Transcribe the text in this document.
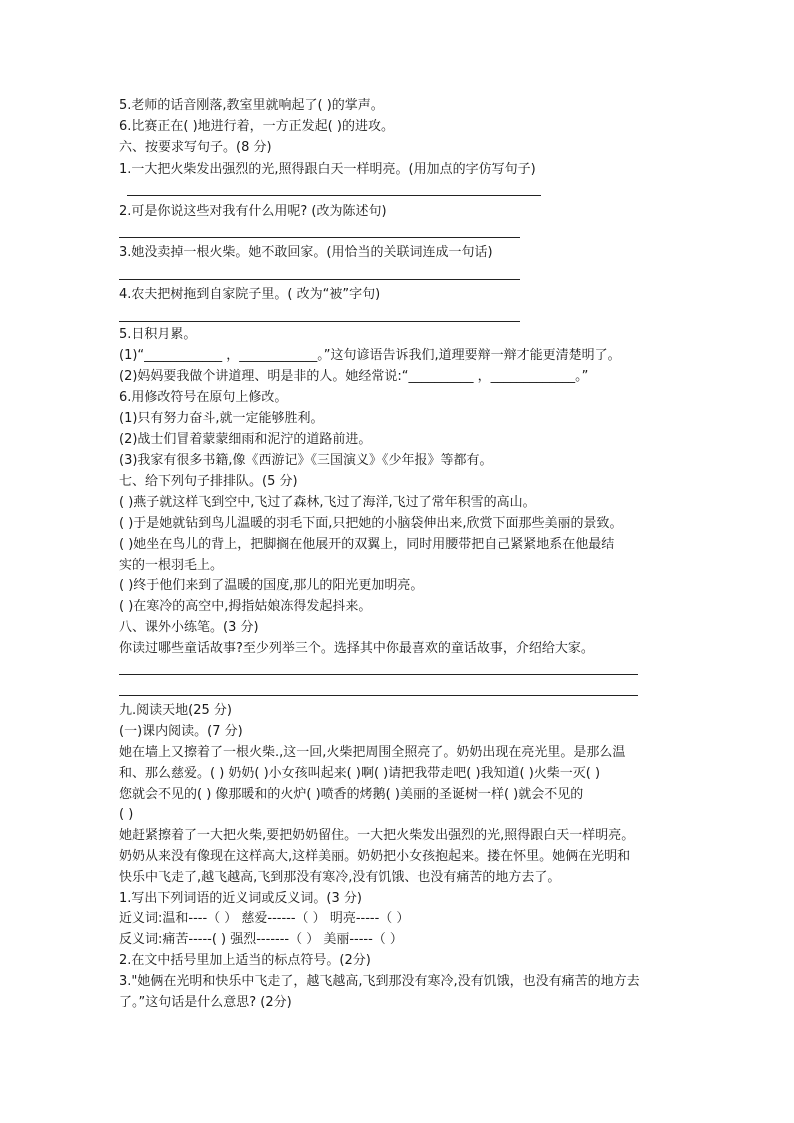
5.老师的话音刚落,教室里就响起了( )的掌声。
6.比赛正在( )地进行着，一方正发起( )的进攻。
六、按要求写句子。(8 分)
1.一大把火柴发出强烈的光,照得跟白天一样明亮。(用加点的字仿写句子)
2.可是你说这些对我有什么用呢? (改为陈述句)
3.她没卖掉一根火柴。她不敢回家。(用恰当的关联词连成一句话)
4.农夫把树拖到自家院子里。( 改为“被”字句)
5.日积月累。
(1)“____________ ，____________。”这句谚语告诉我们,道理要辩一辩才能更清楚明了。
(2)妈妈要我做个讲道理、明是非的人。她经常说:“__________ ，_____________。”
6.用修改符号在原句上修改。
(1)只有努力奋斗,就一定能够胜利。
(2)战士们冒着蒙蒙细雨和泥泞的道路前进。
(3)我家有很多书籍,像《西游记》《三国演义》《少年报》等都有。
七、给下列句子排排队。(5 分)
( )燕子就这样飞到空中,飞过了森林,飞过了海洋,飞过了常年积雪的高山。
( )于是她就钻到鸟儿温暖的羽毛下面,只把她的小脑袋伸出来,欣赏下面那些美丽的景致。
( )她坐在鸟儿的背上，把脚搁在他展开的双翼上，同时用腰带把自己紧紧地系在他最结
实的一根羽毛上。
( )终于他们来到了温暖的国度,那儿的阳光更加明亮。
( )在寒冷的高空中,拇指姑娘冻得发起抖来。
八、课外小练笔。(3 分)
你读过哪些童话故事?至少列举三个。选择其中你最喜欢的童话故事，介绍给大家。
九.阅读天地(25 分)
(一)课内阅读。(7 分)
她在墙上又擦着了一根火柴.,这一回,火柴把周围全照亮了。奶奶出现在亮光里。是那么温
和、那么慈爱。( ) 奶奶( )小女孩叫起来( )啊( )请把我带走吧( )我知道( )火柴一灭( )
您就会不见的( ) 像那暖和的火炉( )喷香的烤鹅( )美丽的圣诞树一样( )就会不见的
( )
她赶紧擦着了一大把火柴,要把奶奶留住。一大把火柴发出强烈的光,照得跟白天一样明亮。
奶奶从来没有像现在这样高大,这样美丽。奶奶把小女孩抱起来。搂在怀里。她俩在光明和
快乐中飞走了,越飞越高,飞到那没有寒冷,没有饥饿、也没有痛苦的地方去了。
1.写出下列词语的近义词或反义词。(3 分)
近义词:温和----（ ） 慈爱------（ ） 明亮-----（ ）
反义词:痛苦-----( ) 强烈-------（ ） 美丽-----（ ）
2.在文中括号里加上适当的标点符号。(2分)
3."她俩在光明和快乐中飞走了，越飞越高,飞到那没有寒冷,没有饥饿，也没有痛苦的地方去
了。”这句话是什么意思? (2分)
